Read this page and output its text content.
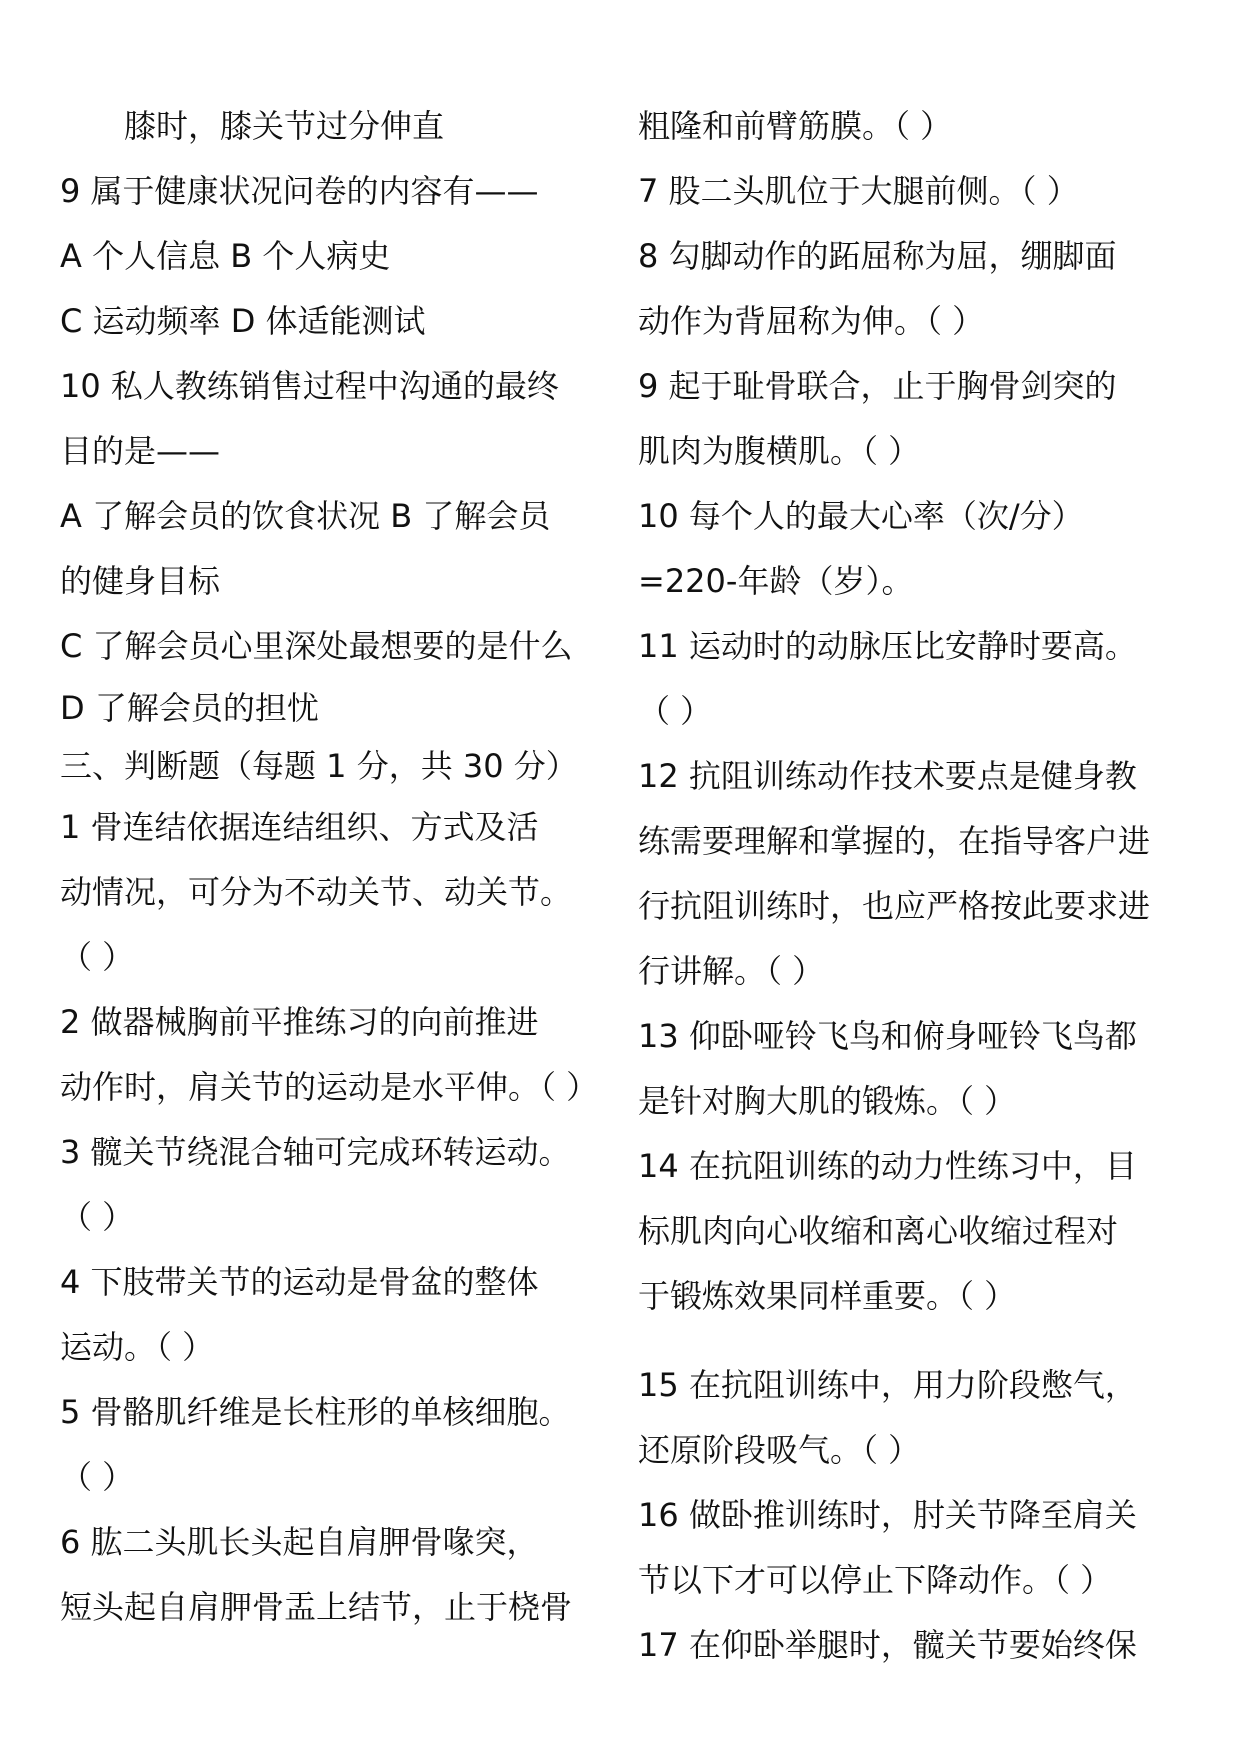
　　膝时，膝关节过分伸直
9 属于健康状况问卷的内容有——
A 个人信息 B 个人病史
C 运动频率 D 体适能测试
10 私人教练销售过程中沟通的最终
目的是——
A 了解会员的饮食状况 B 了解会员
的健身目标
C 了解会员心里深处最想要的是什么
D 了解会员的担忧
三、判断题（每题 1 分，共 30 分）
1 骨连结依据连结组织、方式及活
动情况，可分为不动关节、动关节。
（ ）
2 做器械胸前平推练习的向前推进
动作时，肩关节的运动是水平伸。（ ）
3 髋关节绕混合轴可完成环转运动。
（ ）
4 下肢带关节的运动是骨盆的整体
运动。（ ）
5 骨骼肌纤维是长柱形的单核细胞。
（ ）
6 肱二头肌长头起自肩胛骨喙突，
短头起自肩胛骨盂上结节，止于桡骨
粗隆和前臂筋膜。（ ）
7 股二头肌位于大腿前侧。（ ）
8 勾脚动作的跖屈称为屈，绷脚面
动作为背屈称为伸。（ ）
9 起于耻骨联合，止于胸骨剑突的
肌肉为腹横肌。（ ）
10 每个人的最大心率（次/分）
=220-年龄（岁）。
11 运动时的动脉压比安静时要高。
（ ）
12 抗阻训练动作技术要点是健身教
练需要理解和掌握的，在指导客户进
行抗阻训练时，也应严格按此要求进
行讲解。（ ）
13 仰卧哑铃飞鸟和俯身哑铃飞鸟都
是针对胸大肌的锻炼。（ ）
14 在抗阻训练的动力性练习中，目
标肌肉向心收缩和离心收缩过程对
于锻炼效果同样重要。（ ）
15 在抗阻训练中，用力阶段憋气，
还原阶段吸气。（ ）
16 做卧推训练时，肘关节降至肩关
节以下才可以停止下降动作。（ ）
17 在仰卧举腿时，髋关节要始终保
